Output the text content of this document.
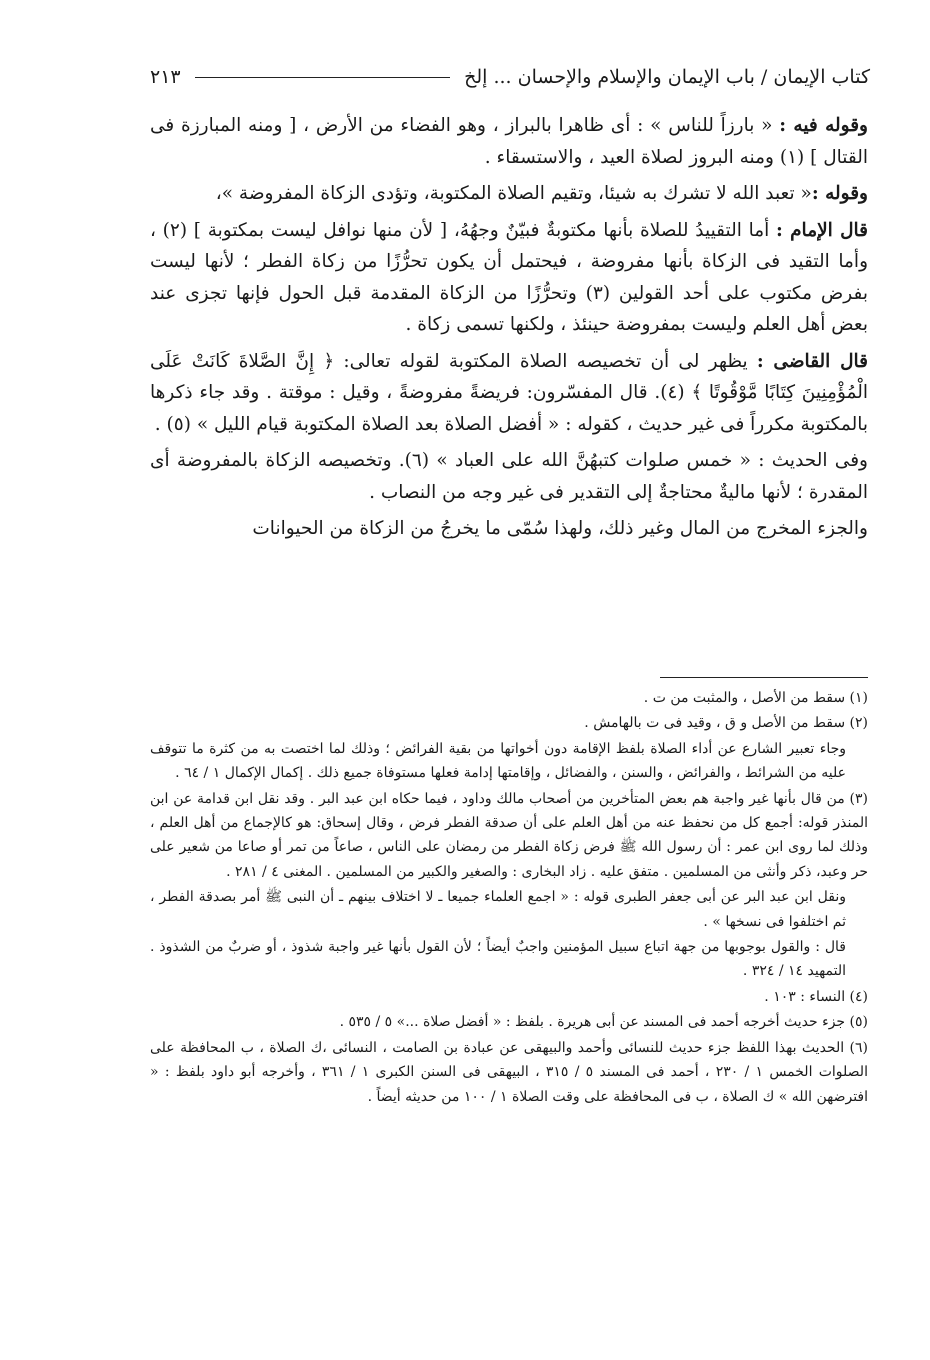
كتاب الإيمان / باب الإيمان والإسلام والإحسان ... إلخ
٢١٣

وقوله فيه : « بارزاً للناس » : أى ظاهرا بالبراز ، وهو الفضاء من الأرض ، [ ومنه المبارزة فى القتال ] (١) ومنه البروز لصلاة العيد ، والاستسقاء .

وقوله :« تعبد الله لا تشرك به شيئا، وتقيم الصلاة المكتوبة، وتؤدى الزكاة المفروضة »،

قال الإمام : أما التقييدُ للصلاة بأنها مكتوبةٌ فبيّنٌ وجهُهُ، [ لأن منها نوافل ليست بمكتوبة ] (٢) ، وأما التقيد فى الزكاة بأنها مفروضة ، فيحتمل أن يكون تحرُّزًا من زكاة الفطر ؛ لأنها ليست بفرض مكتوب على أحد القولين (٣) وتحرُّزًا من الزكاة المقدمة قبل الحول فإنها تجزى عند بعض أهل العلم وليست بمفروضة حينئذ ، ولكنها تسمى زكاة .

قال القاضى : يظهر لى أن تخصيصه الصلاة المكتوبة لقوله تعالى: ﴿ إِنَّ الصَّلاةَ كَانَتْ عَلَى الْمُؤْمِنِينَ كِتَابًا مَّوْقُوتًا ﴾ (٤). قال المفسّرون: فريضةً مفروضةً ، وقيل : موقتة . وقد جاء ذكرها بالمكتوبة مكرراً فى غير حديث ، كقوله : « أفضل الصلاة بعد الصلاة المكتوبة قيام الليل » (٥) .

وفى الحديث : « خمس صلوات كتبهُنَّ الله على العباد » (٦). وتخصيصه الزكاة بالمفروضة أى المقدرة ؛ لأنها ماليةٌ محتاجةٌ إلى التقدير فى غير وجه من النصاب .

والجزء المخرج من المال وغير ذلك، ولهذا سُمّى ما يخرجُ من الزكاة من الحيوانات

(١) سقط من الأصل ، والمثبت من ت .

(٢) سقط من الأصل و ق ، وقيد فى ت بالهامش .

وجاء تعبير الشارع عن أداء الصلاة بلفظ الإقامة دون أخواتها من بقية الفرائض ؛ وذلك لما اختصت به من كثرة ما تتوقف عليه من الشرائط ، والفرائض ، والسنن ، والفضائل ، وإقامتها إدامة فعلها مستوفاة جميع ذلك . إكمال الإكمال ١ / ٦٤ .

(٣) من قال بأنها غير واجبة هم بعض المتأخرين من أصحاب مالك وداود ، فيما حكاه ابن عبد البر . وقد نقل ابن قدامة عن ابن المنذر قوله: أجمع كل من نحفظ عنه من أهل العلم على أن صدقة الفطر فرض ، وقال إسحاق: هو كالإجماع من أهل العلم ، وذلك لما روى ابن عمر : أن رسول الله ﷺ فرض زكاة الفطر من رمضان على الناس ، صاعاً من تمر أو صاعا من شعير على حر وعبد، ذكر وأنثى من المسلمين . متفق عليه . زاد البخارى : والصغير والكبير من المسلمين . المغنى ٤ / ٢٨١ .

ونقل ابن عبد البر عن أبى جعفر الطبرى قوله : « اجمع العلماء جميعا ـ لا اختلاف بينهم ـ أن النبى ﷺ أمر بصدقة الفطر ، ثم اختلفوا فى نسخها » .

قال : والقول بوجوبها من جهة اتباع سبيل المؤمنين واجبٌ أيضاً ؛ لأن القول بأنها غير واجبة شذوذ ، أو ضربٌ من الشذوذ . التمهيد ١٤ / ٣٢٤ .

(٤) النساء : ١٠٣ .

(٥) جزء حديث أخرجه أحمد فى المسند عن أبى هريرة . بلفظ : « أفضل صلاة ...» ٥ / ٥٣٥ .

(٦) الحديث بهذا اللفظ جزء حديث للنسائى وأحمد والبيهقى عن عبادة بن الصامت ، النسائى ،ك الصلاة ، ب المحافظة على الصلوات الخمس ١ / ٢٣٠ ، أحمد فى المسند ٥ / ٣١٥ ، البيهقى فى السنن الكبرى ١ / ٣٦١ ، وأخرجه أبو داود بلفظ : « افترضهن الله » ك الصلاة ، ب فى المحافظة على وقت الصلاة ١ / ١٠٠ من حديثه أيضاً .
